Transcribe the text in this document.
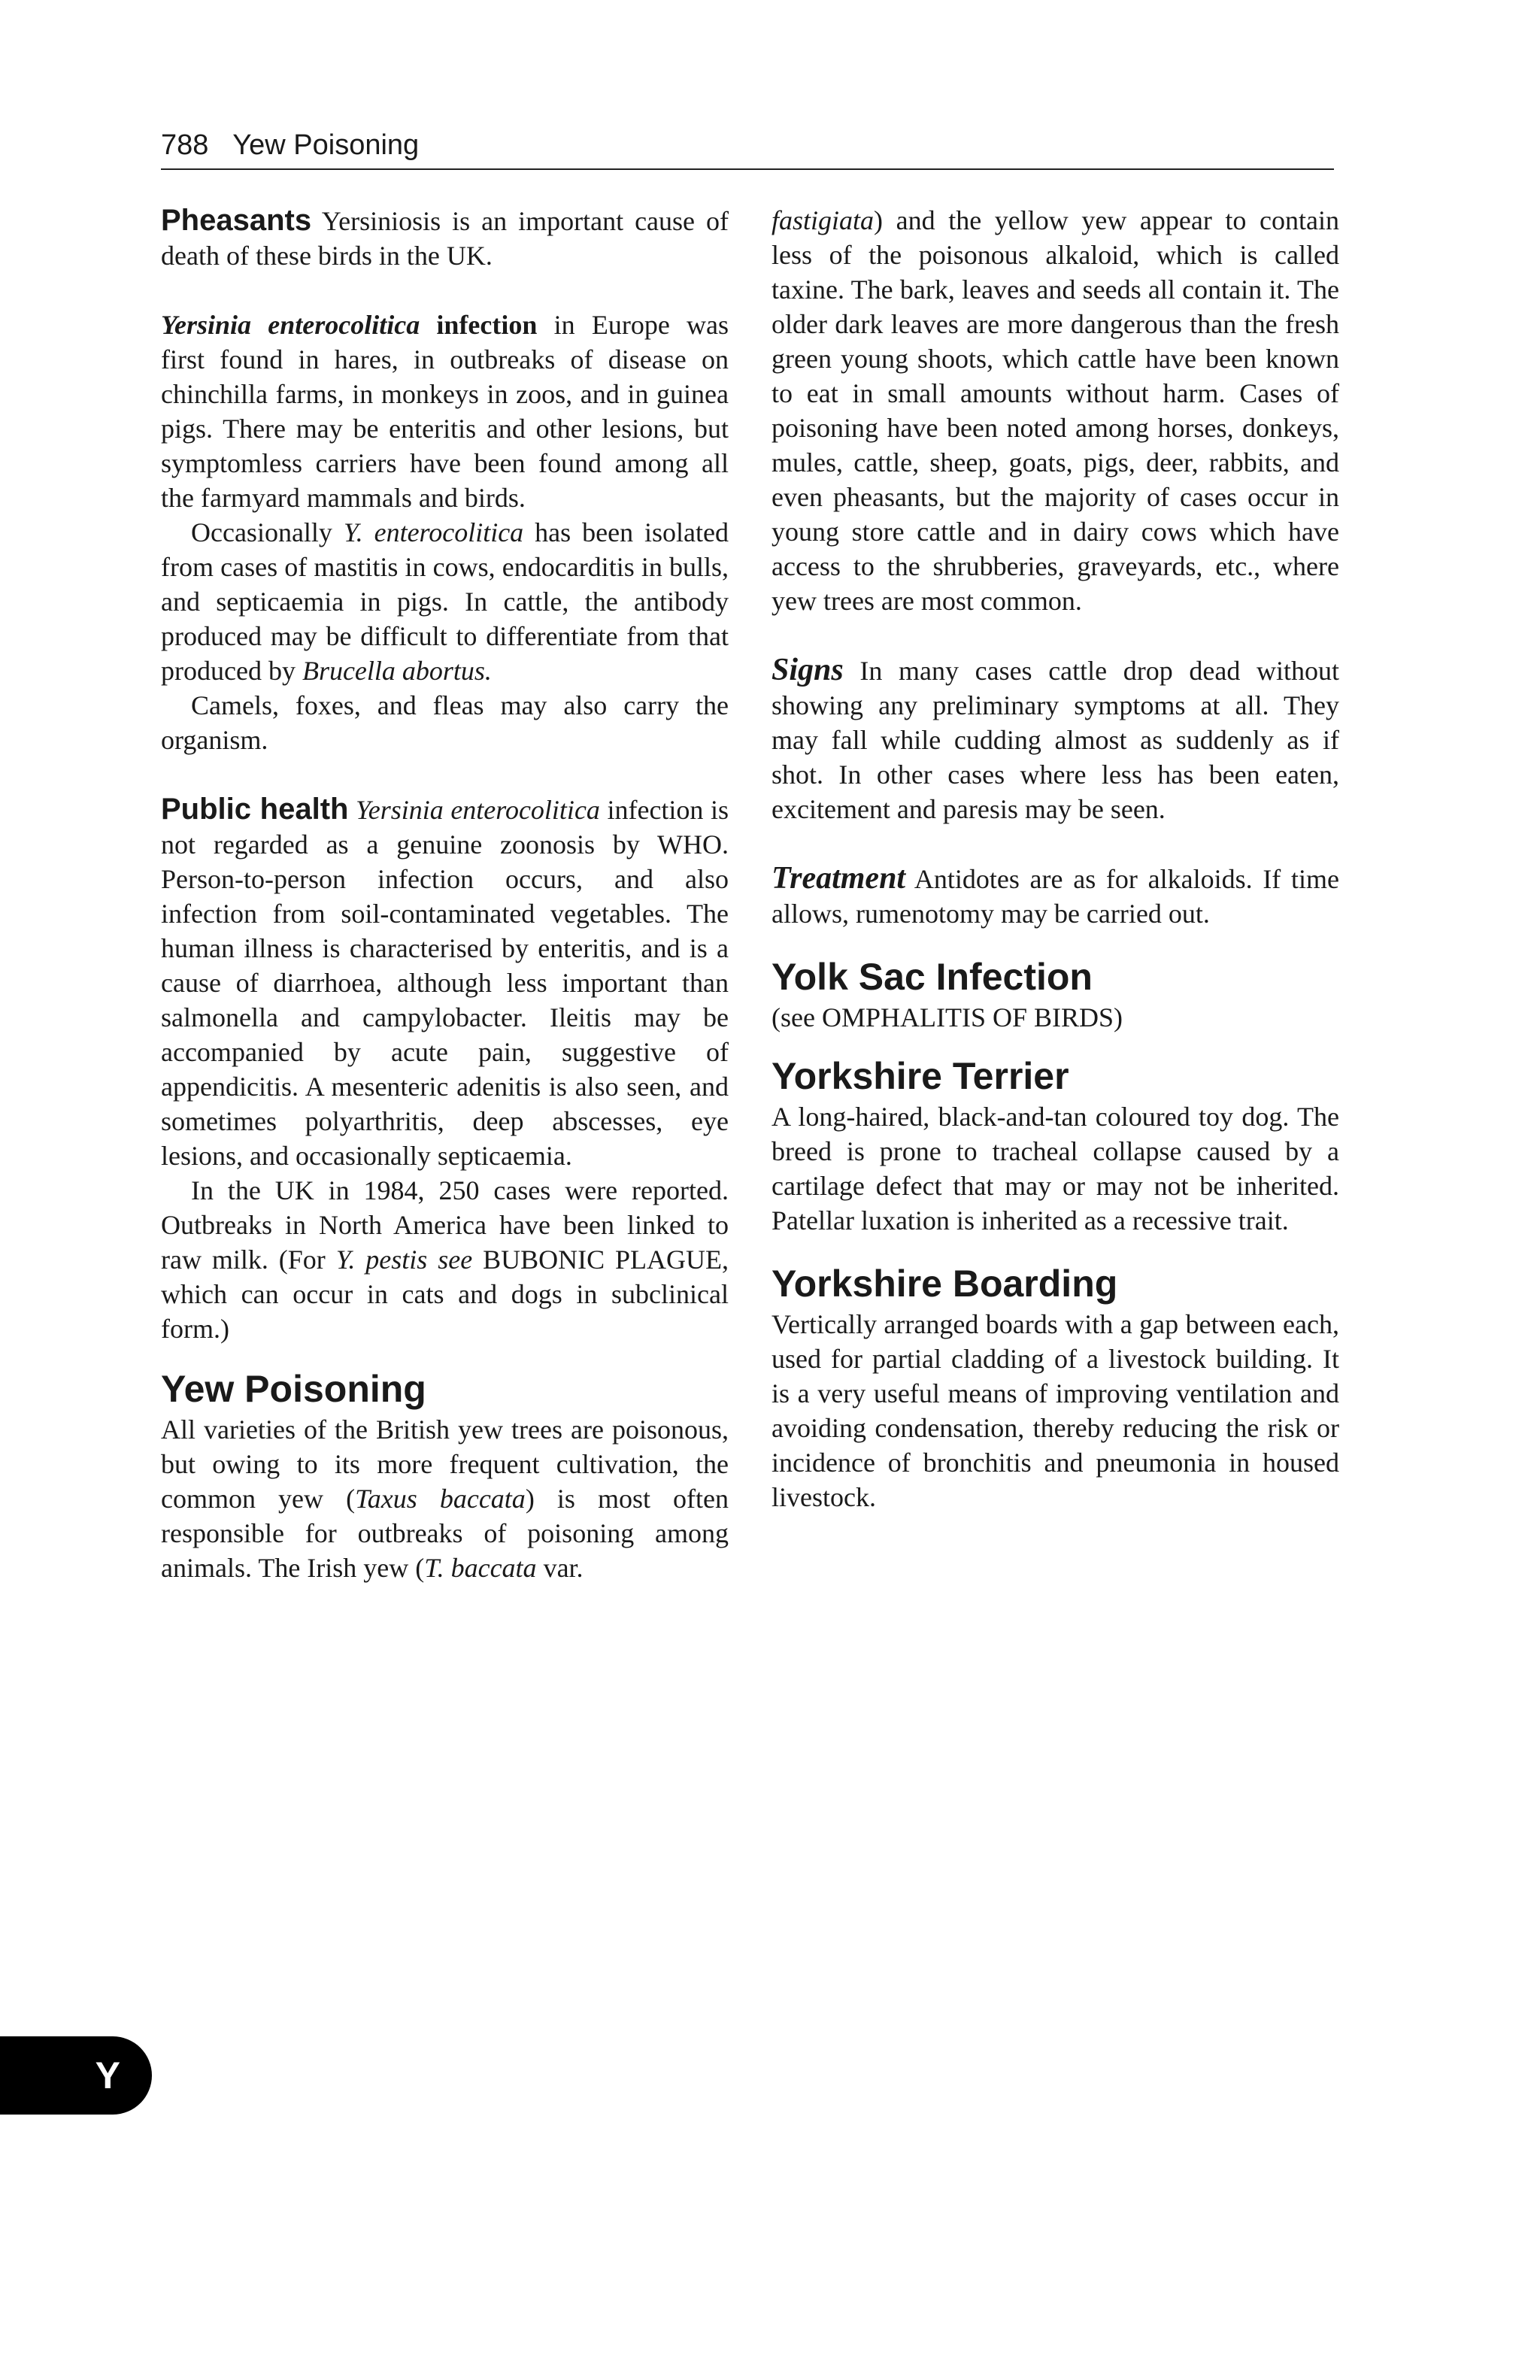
788 Yew Poisoning

Pheasants Yersiniosis is an important cause of death of these birds in the UK.

Yersinia enterocolitica infection in Europe was first found in hares, in outbreaks of disease on chinchilla farms, in monkeys in zoos, and in guinea pigs. There may be enteritis and other lesions, but symptomless carriers have been found among all the farmyard mammals and birds.

Occasionally Y. enterocolitica has been isolated from cases of mastitis in cows, endocarditis in bulls, and septicaemia in pigs. In cattle, the antibody produced may be difficult to differentiate from that produced by Brucella abortus.

Camels, foxes, and fleas may also carry the organism.

Public health Yersinia enterocolitica infection is not regarded as a genuine zoonosis by WHO. Person-to-person infection occurs, and also infection from soil-contaminated vegetables. The human illness is characterised by enteritis, and is a cause of diarrhoea, although less important than salmonella and campylobacter. Ileitis may be accompanied by acute pain, suggestive of appendicitis. A mesenteric adenitis is also seen, and sometimes polyarthritis, deep abscesses, eye lesions, and occasionally septicaemia.

In the UK in 1984, 250 cases were reported. Outbreaks in North America have been linked to raw milk. (For Y. pestis see BUBONIC PLAGUE, which can occur in cats and dogs in subclinical form.)

Yew Poisoning

All varieties of the British yew trees are poisonous, but owing to its more frequent cultivation, the common yew (Taxus baccata) is most often responsible for outbreaks of poisoning among animals. The Irish yew (T. baccata var.

fastigiata) and the yellow yew appear to contain less of the poisonous alkaloid, which is called taxine. The bark, leaves and seeds all contain it. The older dark leaves are more dangerous than the fresh green young shoots, which cattle have been known to eat in small amounts without harm. Cases of poisoning have been noted among horses, donkeys, mules, cattle, sheep, goats, pigs, deer, rabbits, and even pheasants, but the majority of cases occur in young store cattle and in dairy cows which have access to the shrubberies, graveyards, etc., where yew trees are most common.

Signs In many cases cattle drop dead without showing any preliminary symptoms at all. They may fall while cudding almost as suddenly as if shot. In other cases where less has been eaten, excitement and paresis may be seen.

Treatment Antidotes are as for alkaloids. If time allows, rumenotomy may be carried out.

Yolk Sac Infection

(see OMPHALITIS OF BIRDS)

Yorkshire Terrier

A long-haired, black-and-tan coloured toy dog. The breed is prone to tracheal collapse caused by a cartilage defect that may or may not be inherited. Patellar luxation is inherited as a recessive trait.

Yorkshire Boarding

Vertically arranged boards with a gap between each, used for partial cladding of a livestock building. It is a very useful means of improving ventilation and avoiding condensation, thereby reducing the risk or incidence of bronchitis and pneumonia in housed livestock.

Y
